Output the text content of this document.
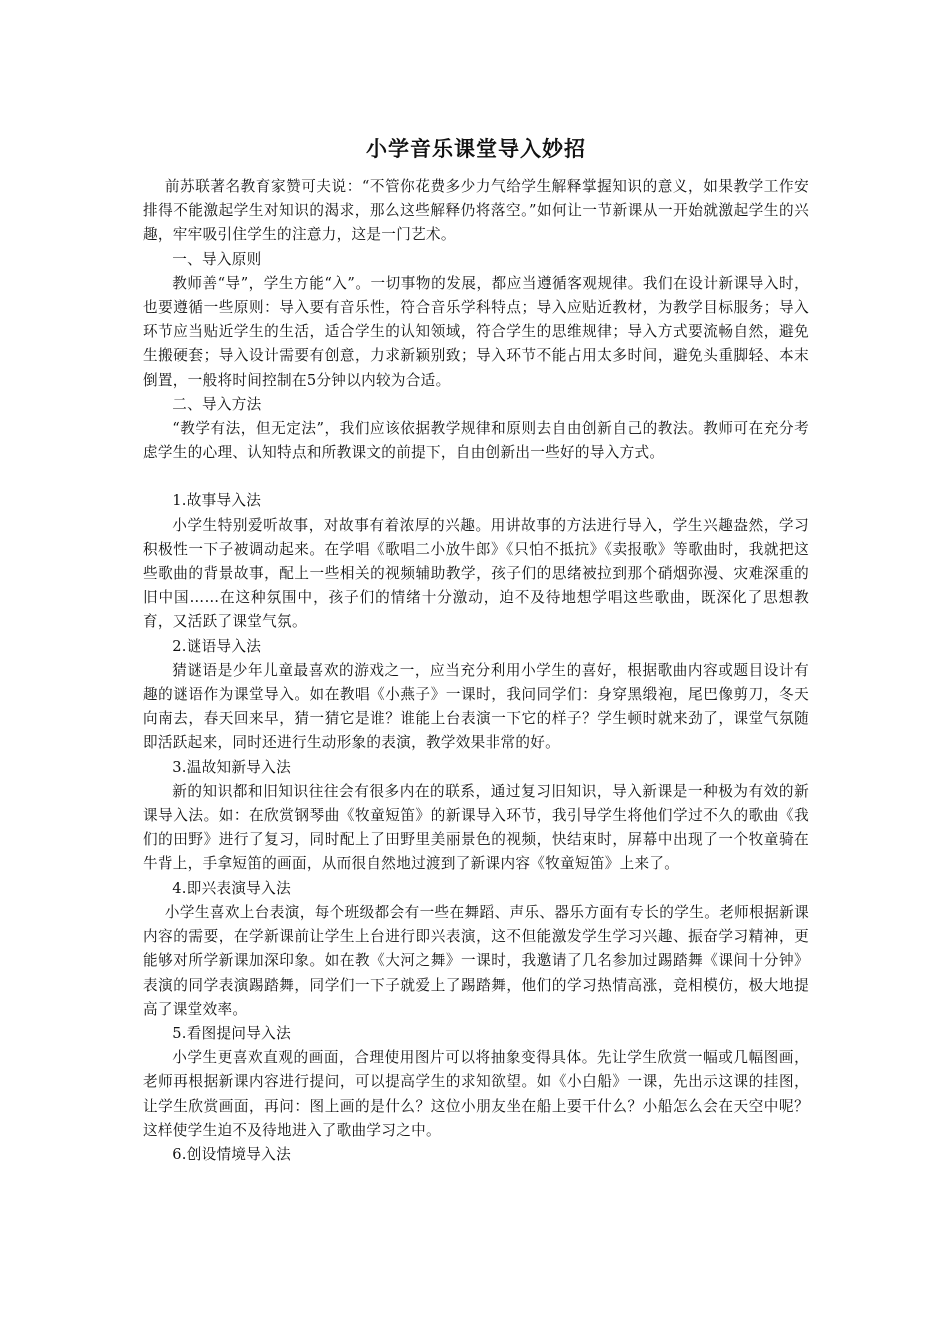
小学音乐课堂导入妙招

前苏联著名教育家赞可夫说：“不管你花费多少力气给学生解释掌握知识的意义，如果教学工作安排得不能激起学生对知识的渴求，那么这些解释仍将落空。”如何让一节新课从一开始就激起学生的兴趣，牢牢吸引住学生的注意力，这是一门艺术。

一、导入原则

教师善“导”，学生方能“入”。一切事物的发展，都应当遵循客观规律。我们在设计新课导入时，也要遵循一些原则：导入要有音乐性，符合音乐学科特点；导入应贴近教材，为教学目标服务；导入环节应当贴近学生的生活，适合学生的认知领域，符合学生的思维规律；导入方式要流畅自然，避免生搬硬套；导入设计需要有创意，力求新颖别致；导入环节不能占用太多时间，避免头重脚轻、本末倒置，一般将时间控制在5分钟以内较为合适。

二、导入方法

“教学有法，但无定法”，我们应该依据教学规律和原则去自由创新自己的教法。教师可在充分考虑学生的心理、认知特点和所教课文的前提下，自由创新出一些好的导入方式。

1.故事导入法

小学生特别爱听故事，对故事有着浓厚的兴趣。用讲故事的方法进行导入，学生兴趣盎然，学习积极性一下子被调动起来。在学唱《歌唱二小放牛郎》《只怕不抵抗》《卖报歌》等歌曲时，我就把这些歌曲的背景故事，配上一些相关的视频辅助教学，孩子们的思绪被拉到那个硝烟弥漫、灾难深重的旧中国……在这种氛围中，孩子们的情绪十分激动，迫不及待地想学唱这些歌曲，既深化了思想教育，又活跃了课堂气氛。

2.谜语导入法

猜谜语是少年儿童最喜欢的游戏之一，应当充分利用小学生的喜好，根据歌曲内容或题目设计有趣的谜语作为课堂导入。如在教唱《小燕子》一课时，我问同学们：身穿黑缎袍，尾巴像剪刀，冬天向南去，春天回来早，猜一猜它是谁？谁能上台表演一下它的样子？学生顿时就来劲了，课堂气氛随即活跃起来，同时还进行生动形象的表演，教学效果非常的好。

3.温故知新导入法

新的知识都和旧知识往往会有很多内在的联系，通过复习旧知识，导入新课是一种极为有效的新课导入法。如：在欣赏钢琴曲《牧童短笛》的新课导入环节，我引导学生将他们学过不久的歌曲《我们的田野》进行了复习，同时配上了田野里美丽景色的视频，快结束时，屏幕中出现了一个牧童骑在牛背上，手拿短笛的画面，从而很自然地过渡到了新课内容《牧童短笛》上来了。

4.即兴表演导入法

小学生喜欢上台表演，每个班级都会有一些在舞蹈、声乐、器乐方面有专长的学生。老师根据新课内容的需要，在学新课前让学生上台进行即兴表演，这不但能激发学生学习兴趣、振奋学习精神，更能够对所学新课加深印象。如在教《大河之舞》一课时，我邀请了几名参加过踢踏舞《课间十分钟》表演的同学表演踢踏舞，同学们一下子就爱上了踢踏舞，他们的学习热情高涨，竞相模仿，极大地提高了课堂效率。

5.看图提问导入法

小学生更喜欢直观的画面，合理使用图片可以将抽象变得具体。先让学生欣赏一幅或几幅图画，老师再根据新课内容进行提问，可以提高学生的求知欲望。如《小白船》一课，先出示这课的挂图，让学生欣赏画面，再问：图上画的是什么？这位小朋友坐在船上要干什么？小船怎么会在天空中呢？这样使学生迫不及待地进入了歌曲学习之中。

6.创设情境导入法
